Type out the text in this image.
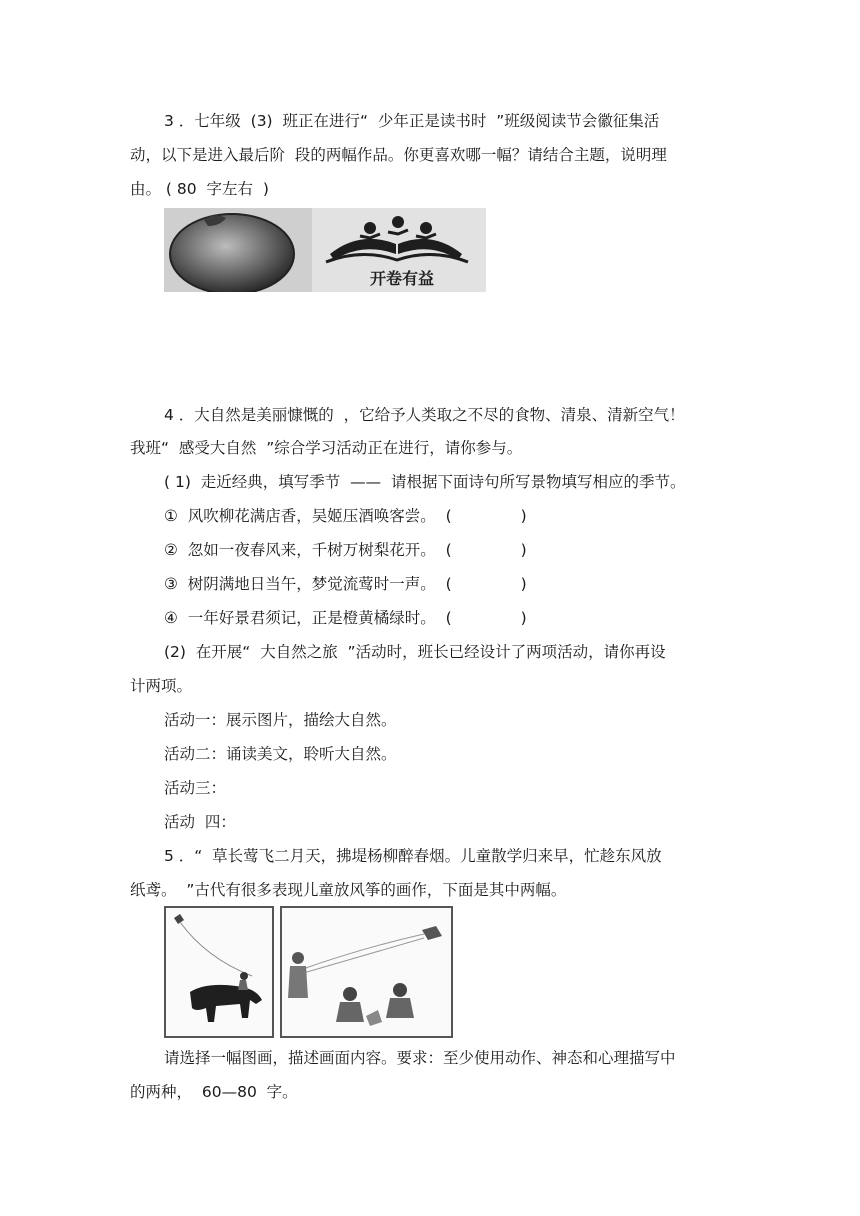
3 ．七年级  (3)  班正在进行“  少年正是读书时  ”班级阅读节会徽征集活
动，以下是进入最后阶  段的两幅作品。你更喜欢哪一幅？请结合主题，说明理
由。 ( 80  字左右  )
开卷有益
4 ．大自然是美丽慷慨的  ，它给予人类取之不尽的食物、清泉、清新空气！
我班“  感受大自然  ”综合学习活动正在进行，请你参与。
( 1)  走近经典，填写季节  ——  请根据下面诗句所写景物填写相应的季节。
①  风吹柳花满店香，吴姬压酒唤客尝。  (              )
②  忽如一夜春风来，千树万树梨花开。  (              )
③  树阴满地日当午，梦觉流莺时一声。  (              )
④  一年好景君须记，正是橙黄橘绿时。  (              )
(2)  在开展“  大自然之旅  ”活动时，班长已经设计了两项活动，请你再设
计两项。
活动一：展示图片，描绘大自然。
活动二：诵读美文，聆听大自然。
活动三：
活动  四：
5 ．“  草长莺飞二月天，拂堤杨柳醉春烟。儿童散学归来早，忙趁东风放
纸鸢。  ”古代有很多表现儿童放风筝的画作，下面是其中两幅。
请选择一幅图画，描述画面内容。要求：至少使用动作、神态和心理描写中
的两种，  60—80  字。
